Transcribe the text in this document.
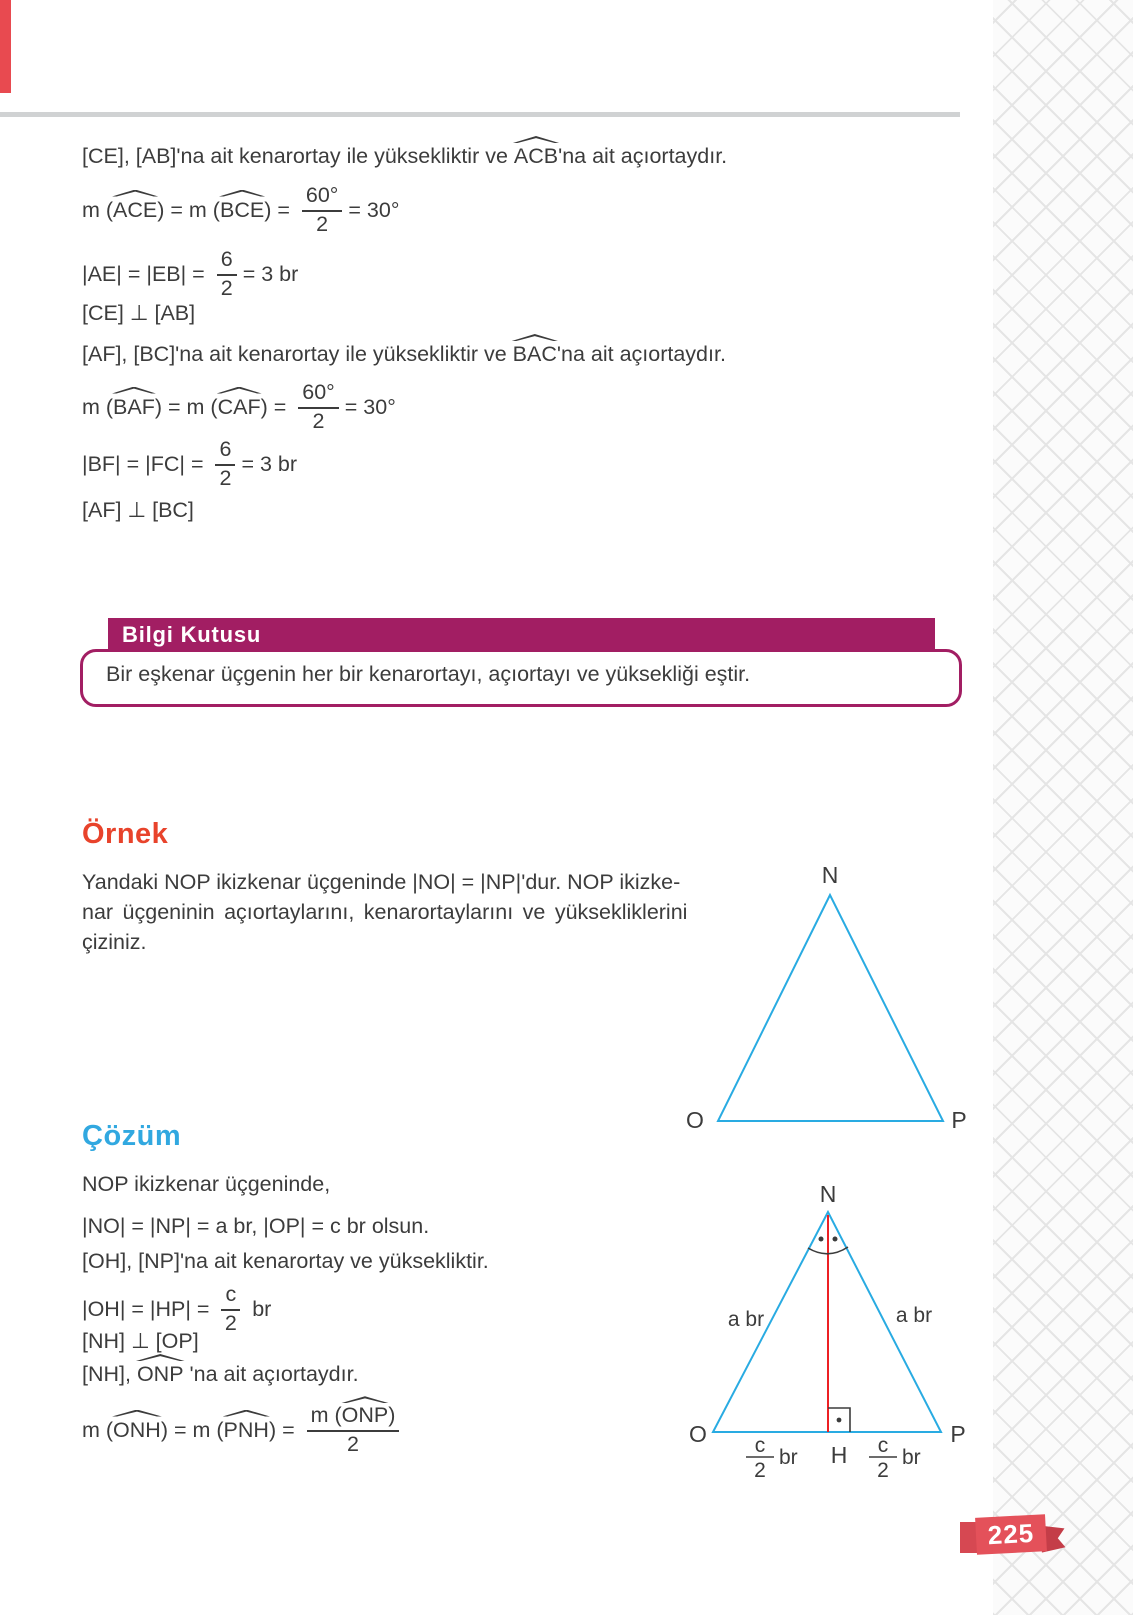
[CE], [AB]'na ait kenarortay ile yüksekliktir ve ACB'na ait açıortaydır.
m ( ACE ) = m ( BCE ) = $\frac{60^\circ}{2} = 30^\circ$
$|AE| = |EB| = \frac{6}{2} = 3$ br
[CE] ⊥ [AB]
[AF], [BC]'na ait kenarortay ile yüksekliktir ve BAC'na ait açıortaydır.
m ( BAF ) = m ( CAF ) = $\frac{60^\circ}{2} = 30^\circ$
$|BF| = |FC| = \frac{6}{2} = 3$ br
[AF] ⊥ [BC]
Bilgi Kutusu
Bir eşkenar üçgenin her bir kenarortayı, açıortayı ve yüksekliği eştir.
Örnek
Yandaki NOP ikizkenar üçgeninde |NO| = |NP|'dur. NOP ikizke-
nar üçgeninin açıortaylarını, kenarortaylarını ve yüksekliklerini
çiziniz.
N
O	P
Çözüm
NOP ikizkenar üçgeninde,
|NO| = |NP| = a br, |OP| = c br olsun.
[OH], [NP]'na ait kenarortay ve yüksekliktir.
$|OH| = |HP| = \frac{c}{2}$ br
[NH] ⊥ [OP]
[NH], ONP 'na ait açıortaydır.
m ( ONH ) = m ( PNH ) = $\frac{\text{m (ONP)}}{2}$
N
O	P
H
a br	a br
c
2
br
c
2
br
225
